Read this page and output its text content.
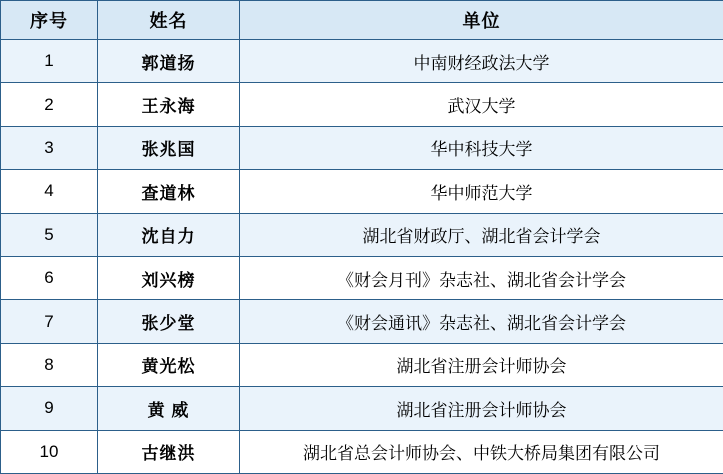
序号	姓名	单位
1	郭道扬	中南财经政法大学
2	王永海	武汉大学
3	张兆国	华中科技大学
4	查道林	华中师范大学
5	沈自力	湖北省财政厅、湖北省会计学会
6	刘兴榜	《财会月刊》杂志社、湖北省会计学会
7	张少堂	《财会通讯》杂志社、湖北省会计学会
8	黄光松	湖北省注册会计师协会
9	黄 威	湖北省注册会计师协会
10	古继洪	湖北省总会计师协会、中铁大桥局集团有限公司
